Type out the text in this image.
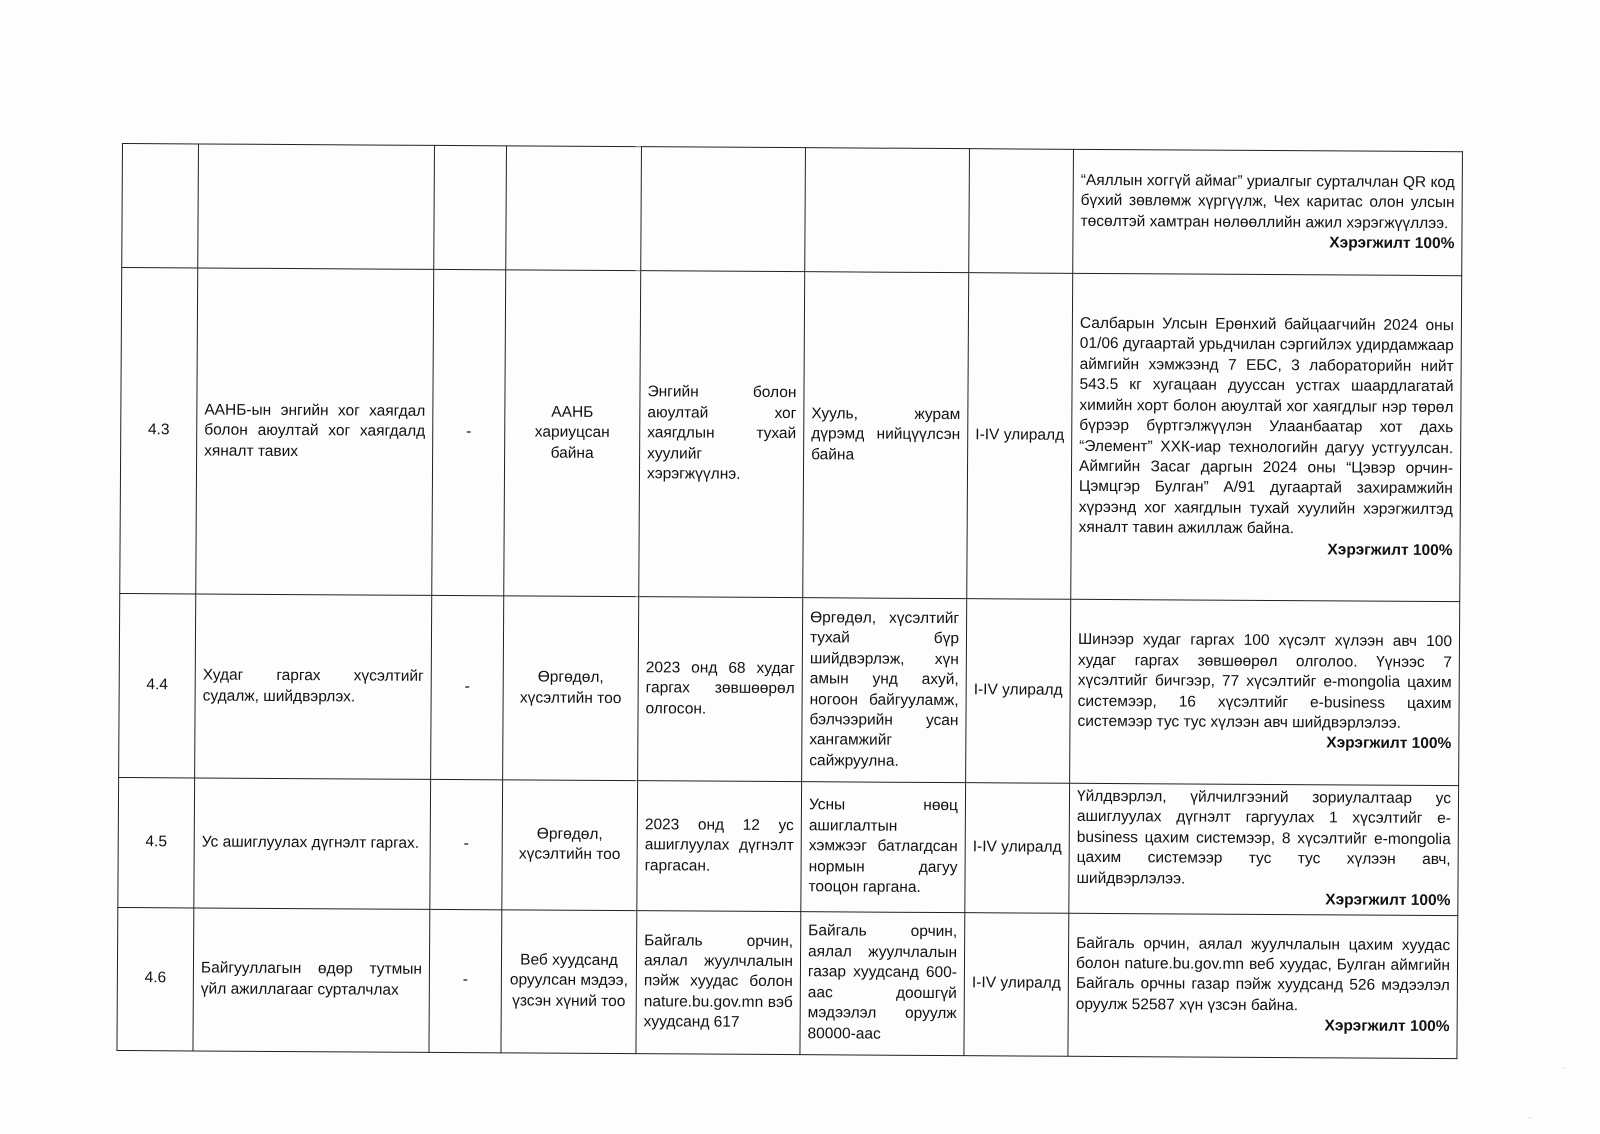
							“Аяллын хоггүй аймаг” уриалгыг сурталчлан QR код бүхий зөвлөмж хүргүүлж, Чех каритас олон улсын төсөлтэй хамтран нөлөөллийн ажил хэрэгжүүллээ.
Хэрэгжилт 100%

4.3	ААНБ-ын энгийн хог хаягдал болон аюултай хог хаягдалд хяналт тавих	-	ААНБ хариуцсан байна	Энгийн болон аюултай хог хаягдлын тухай хуулийг хэрэгжүүлнэ.	Хууль, журам дүрэмд нийцүүлсэн байна	I-IV улиралд	Салбарын Улсын Ерөнхий байцаагчийн 2024 оны 01/06 дугаартай урьдчилан сэргийлэх удирдамжаар аймгийн хэмжээнд 7 ЕБС, 3 лабораторийн нийт 543.5 кг хугацаан дууссан устгах шаардлагатай химийн хорт болон аюултай хог хаягдлыг нэр төрөл бүрээр бүртгэлжүүлэн Улаанбаатар хот дахь “Элемент” ХХК-иар технологийн дагуу устгуулсан. Аймгийн Засаг даргын 2024 оны “Цэвэр орчин-Цэмцгэр Булган” А/91 дугаартай захирамжийн хүрээнд хог хаягдлын тухай хуулийн хэрэгжилтэд хяналт тавин ажиллаж байна.
Хэрэгжилт 100%

4.4	Худаг гаргах хүсэлтийг судалж, шийдвэрлэх.	-	Өргөдөл, хүсэлтийн тоо	2023 онд 68 худаг гаргах зөвшөөрөл олгосон.	Өргөдөл, хүсэлтийг тухай бүр шийдвэрлэж, хүн амын унд ахуй, ногоон байгууламж, бэлчээрийн усан хангамжийг сайжруулна.	I-IV улиралд	Шинээр худаг гаргах 100 хүсэлт хүлээн авч 100 худаг гаргах зөвшөөрөл олголоо. Үүнээс 7 хүсэлтийг бичгээр, 77 хүсэлтийг e-mongolia цахим системээр, 16 хүсэлтийг e-business цахим системээр тус тус хүлээн авч шийдвэрлэлээ.
Хэрэгжилт 100%

4.5	Ус ашиглуулах дүгнэлт гаргах.	-	Өргөдөл, хүсэлтийн тоо	2023 онд 12 ус ашиглуулах дүгнэлт гаргасан.	Усны нөөц ашиглалтын хэмжээг батлагдсан нормын дагуу тооцон гаргана.	I-IV улиралд	Үйлдвэрлэл, үйлчилгээний зориулалтаар ус ашиглуулах дүгнэлт гаргуулах 1 хүсэлтийг e-business цахим системээр, 8 хүсэлтийг e-mongolia цахим системээр тус тус хүлээн авч, шийдвэрлэлээ.
Хэрэгжилт 100%

4.6	Байгууллагын өдөр тутмын үйл ажиллагааг сурталчлах	-	Веб хуудсанд оруулсан мэдээ, үзсэн хүний тоо	Байгаль орчин, аялал жуулчлалын пэйж хуудас болон nature.bu.gov.mn вэб хуудсанд 617	Байгаль орчин, аялал жуулчлалын газар хуудсанд 600-аас доошгүй мэдээлэл оруулж 80000-аас	I-IV улиралд	Байгаль орчин, аялал жуулчлалын цахим хуудас болон nature.bu.gov.mn веб хуудас, Булган аймгийн Байгаль орчны газар пэйж хуудсанд 526 мэдээлэл оруулж 52587 хүн үзсэн байна.
Хэрэгжилт 100%
·
·
